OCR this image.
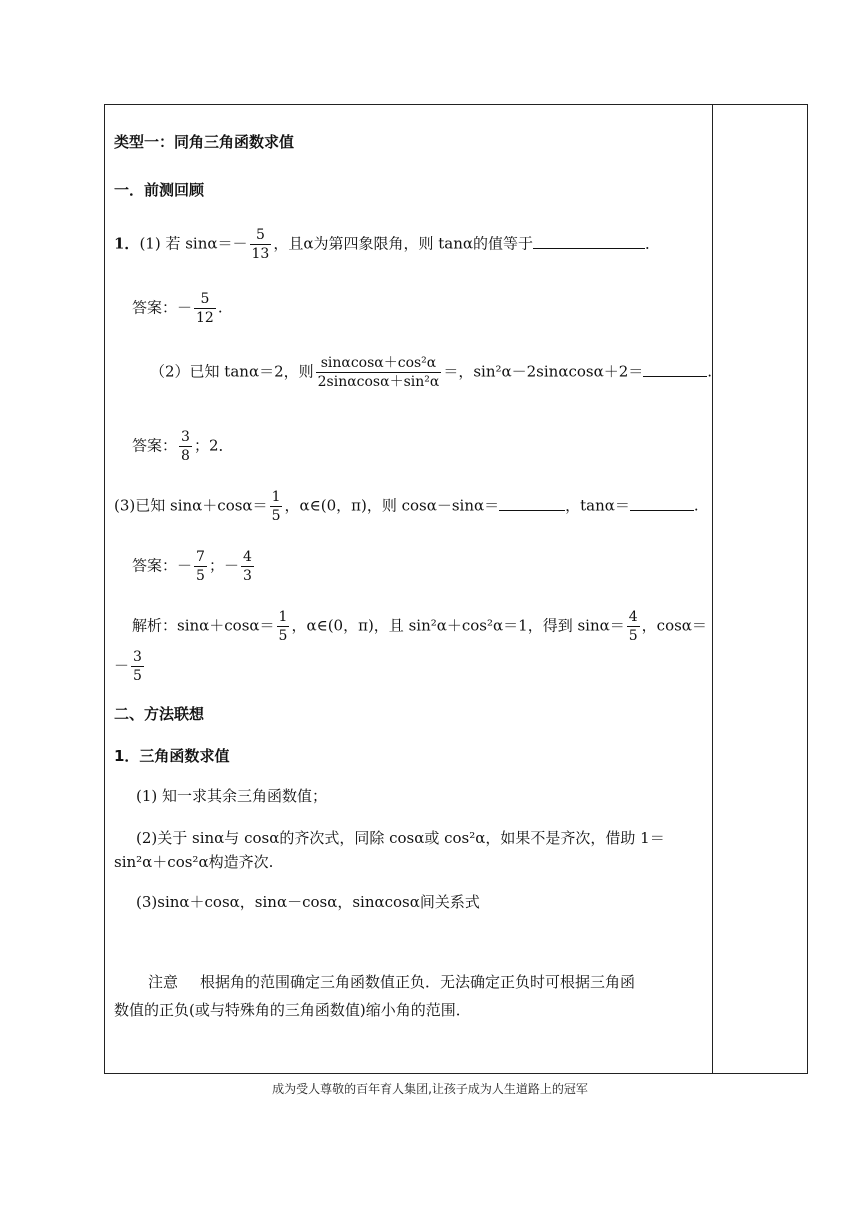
类型一：同角三角函数求值
一．前测回顾
1．(1) 若 $\sin\alpha=- \frac{5}{13}$ ，且α为第四象限角，则 tanα的值等于	．
答案：－ $\frac{5}{12}$ .
（2）已知 tanα＝2，则 $\frac{\text{sinαcosα＋cos²α}}{\text{2sinαcosα＋sin²α}}$ ＝，sin²α－2sinαcosα＋2＝	.
答案： $\frac{3}{8}$ ；2．
(3)已知 $\sin\alpha+\cos\alpha= \frac{1}{5}$ ，α∈(0，π)，则 cosα－sinα＝	，tanα＝	.
答案：－ $\frac{7}{5}$ ；－ $\frac{4}{3}$
解析：$\sin\alpha+\cos\alpha= \frac{1}{5}$ ，α∈(0，π)，且 sin²α＋cos²α＝1，得到 $\sin\alpha= \frac{4}{5}$ ，cosα＝
－ $\frac{3}{5}$
二、方法联想
1．三角函数求值
(1) 知一求其余三角函数值；
(2)关于 sinα与 cosα的齐次式，同除 cosα或 cos²α，如果不是齐次，借助 1＝
sin²α＋cos²α构造齐次.
(3)sinα＋cosα，sinα－cosα，sinαcosα间关系式
注意 根据角的范围确定三角函数值正负．无法确定正负时可根据三角函
数值的正负(或与特殊角的三角函数值)缩小角的范围．
成为受人尊敬的百年育人集团,让孩子成为人生道路上的冠军
